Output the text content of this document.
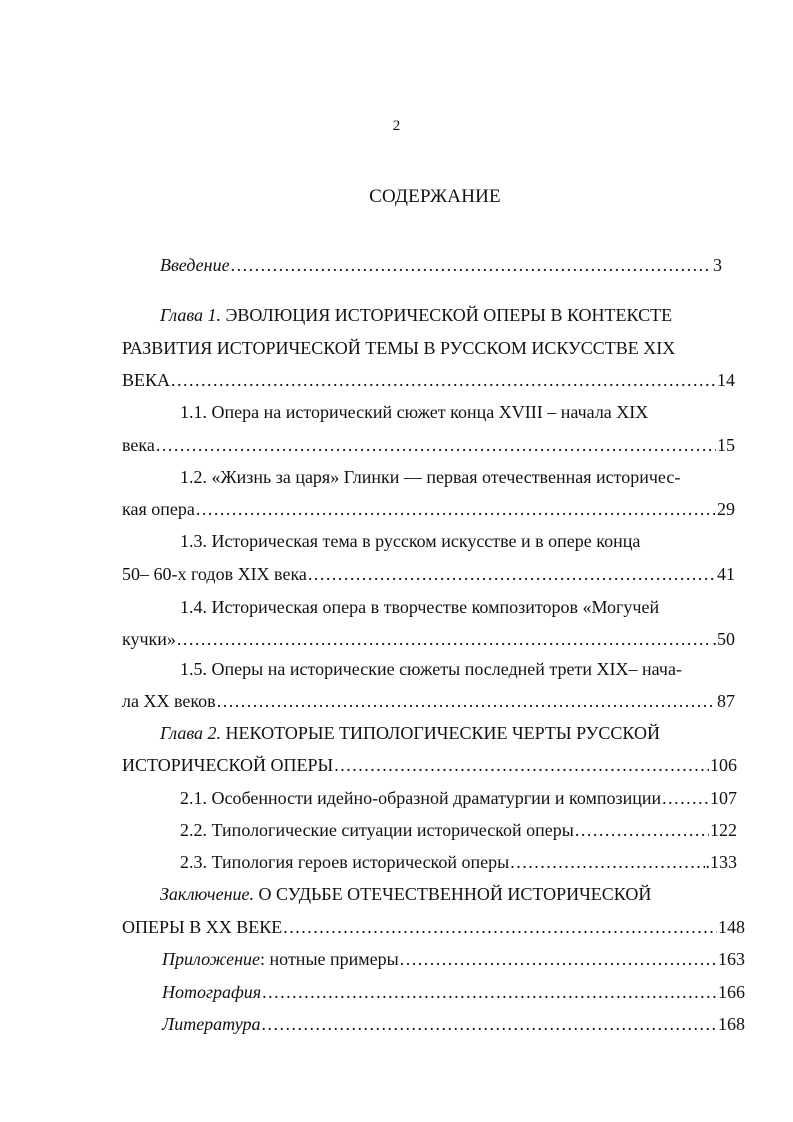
2
СОДЕРЖАНИЕ
Введение . . .	3
Глава 1. ЭВОЛЮЦИЯ ИСТОРИЧЕСКОЙ ОПЕРЫ В КОНТЕКСТЕ
РАЗВИТИЯ ИСТОРИЧЕСКОЙ ТЕМЫ В РУССКОМ ИСКУССТВЕ XIX
ВЕКА . . .	14
1.1. Опера на исторический сюжет конца XVIII – начала XIX
века . . .	15
1.2. «Жизнь за царя» Глинки — первая отечественная историчес-
кая опера . . .	29
1.3. Историческая тема в русском искусстве и в опере конца
50– 60-х годов XIX века . . .	41
1.4. Историческая опера в творчестве композиторов «Могучей
кучки» . . .	.50
1.5. Оперы на исторические сюжеты последней трети XIX– нача-
ла XX веков . . .	87
Глава 2. НЕКОТОРЫЕ ТИПОЛОГИЧЕСКИЕ ЧЕРТЫ РУССКОЙ
ИСТОРИЧЕСКОЙ ОПЕРЫ . . .	106
2.1. Особенности идейно-образной драматургии и композиции . . .	107
2.2. Типологические ситуации исторической оперы . . .	122
2.3. Типология героев исторической оперы . . .	.133
Заключение. О СУДЬБЕ ОТЕЧЕСТВЕННОЙ ИСТОРИЧЕСКОЙ
ОПЕРЫ В XX ВЕКЕ . . .	148
Приложение: нотные примеры . . .	163
Нотография . . .	166
Литература . . .	168
